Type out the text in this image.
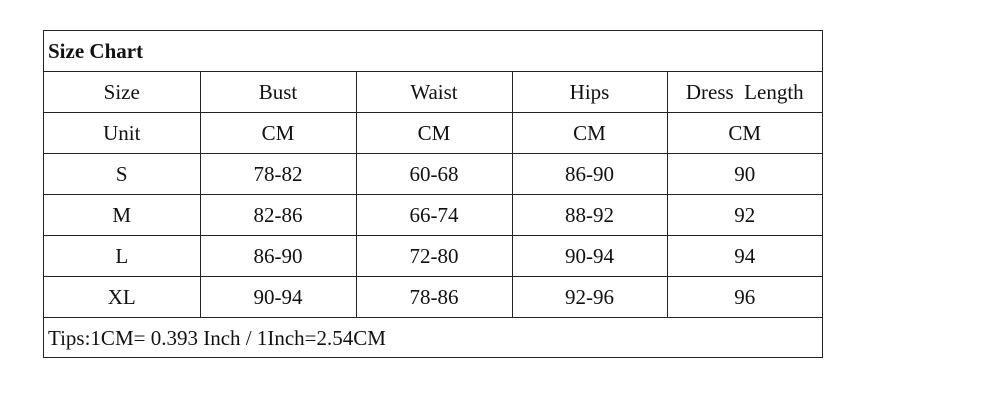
Size Chart
Size	Bust	Waist	Hips	Dress  Length
Unit	CM	CM	CM	CM
S	78-82	60-68	86-90	90
M	82-86	66-74	88-92	92
L	86-90	72-80	90-94	94
XL	90-94	78-86	92-96	96
Tips:1CM= 0.393 Inch / 1Inch=2.54CM
